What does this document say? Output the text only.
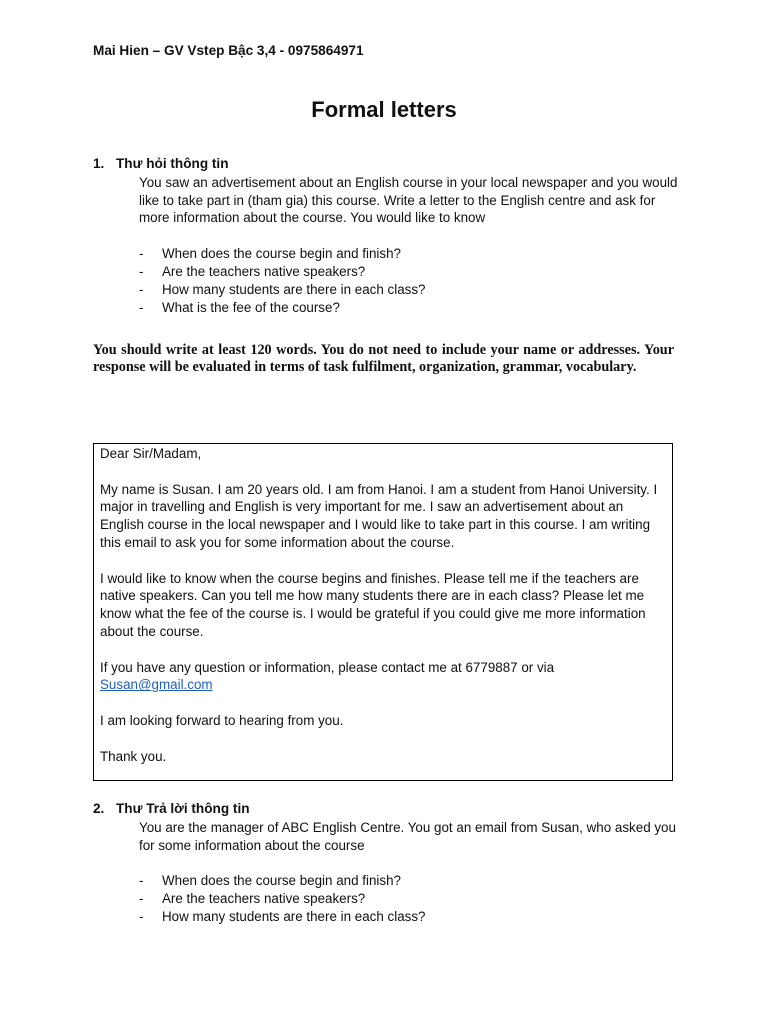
Mai Hien – GV Vstep Bậc 3,4 - 0975864971
Formal letters
1. Thư hỏi thông tin
You saw an advertisement about an English course in your local newspaper and you would like to take part in (tham gia) this course. Write a letter to the English centre and ask for more information about the course. You would like to know
- When does the course begin and finish?
- Are the teachers native speakers?
- How many students are there in each class?
- What is the fee of the course?
You should write at least 120 words. You do not need to include your name or addresses. Your response will be evaluated in terms of task fulfilment, organization, grammar, vocabulary.

Dear Sir/Madam,

My name is Susan. I am 20 years old. I am from Hanoi. I am a student from Hanoi University. I major in travelling and English is very important for me. I saw an advertisement about an English course in the local newspaper and I would like to take part in this course. I am writing this email to ask you for some information about the course.

I would like to know when the course begins and finishes. Please tell me if the teachers are native speakers. Can you tell me how many students there are in each class? Please let me know what the fee of the course is. I would be grateful if you could give me more information about the course.

If you have any question or information, please contact me at 6779887 or via
Susan@gmail.com

I am looking forward to hearing from you.

Thank you.

2. Thư Trả lời thông tin
You are the manager of ABC English Centre. You got an email from Susan, who asked you for some information about the course
- When does the course begin and finish?
- Are the teachers native speakers?
- How many students are there in each class?
